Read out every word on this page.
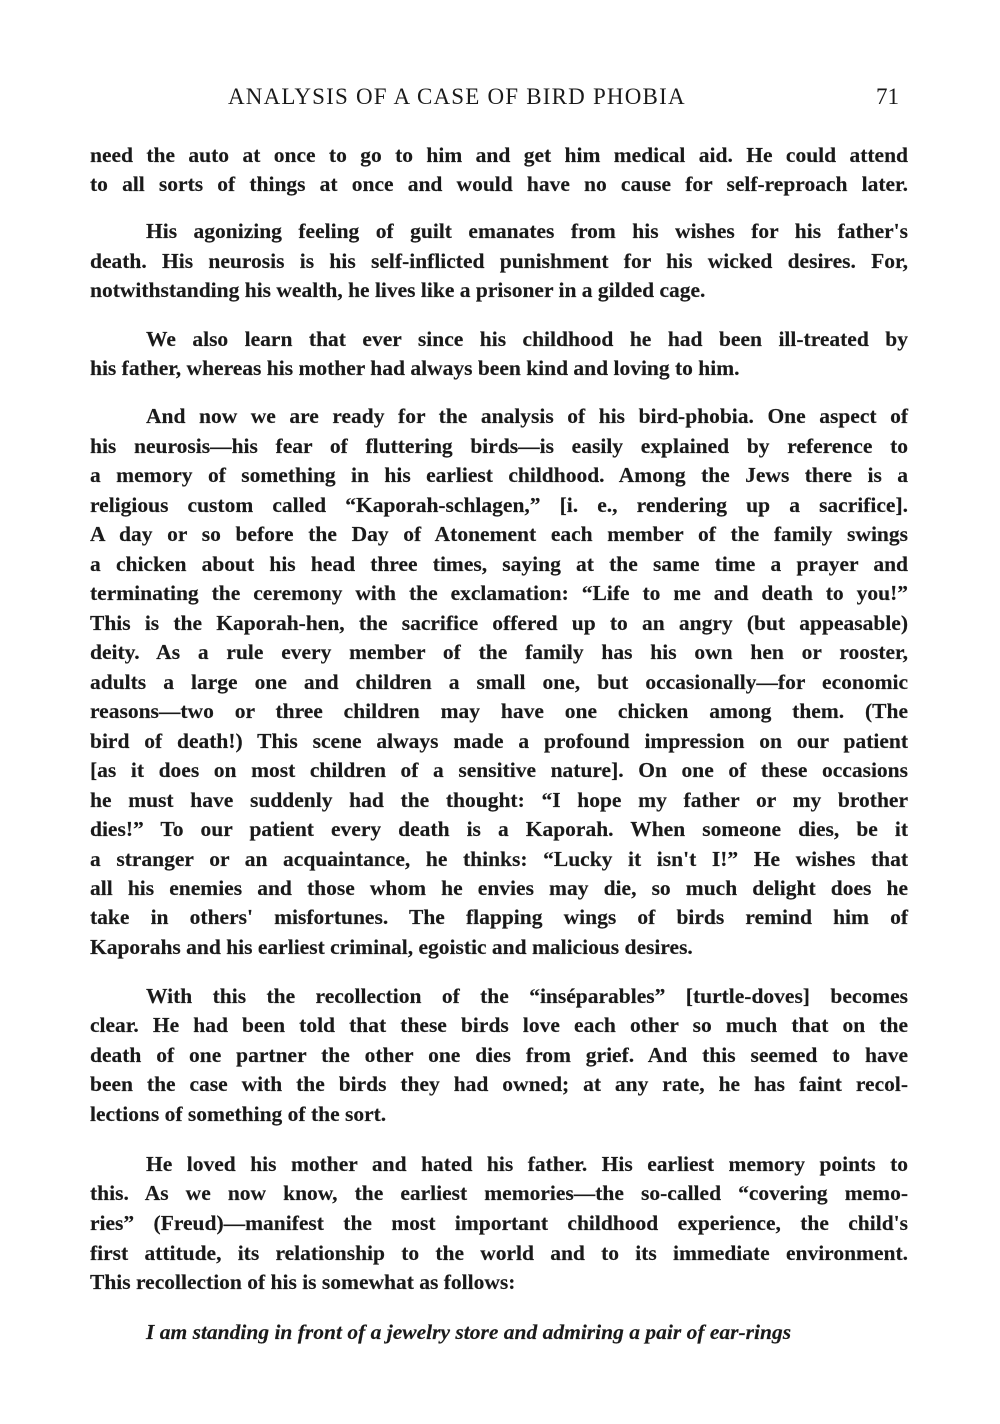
ANALYSIS OF A CASE OF BIRD PHOBIA	71
need the auto at once to go to him and get him medical aid. He could attend
to all sorts of things at once and would have no cause for self-reproach later.
His agonizing feeling of guilt emanates from his wishes for his father's
death. His neurosis is his self-inflicted punishment for his wicked desires. For,
notwithstanding his wealth, he lives like a prisoner in a gilded cage.
We also learn that ever since his childhood he had been ill-treated by
his father, whereas his mother had always been kind and loving to him.
And now we are ready for the analysis of his bird-phobia. One aspect of
his neurosis—his fear of fluttering birds—is easily explained by reference to
a memory of something in his earliest childhood. Among the Jews there is a
religious custom called “Kaporah-schlagen,” [i. e., rendering up a sacrifice].
A day or so before the Day of Atonement each member of the family swings
a chicken about his head three times, saying at the same time a prayer and
terminating the ceremony with the exclamation: “Life to me and death to you!”
This is the Kaporah-hen, the sacrifice offered up to an angry (but appeasable)
deity. As a rule every member of the family has his own hen or rooster,
adults a large one and children a small one, but occasionally—for economic
reasons—two or three children may have one chicken among them. (The
bird of death!) This scene always made a profound impression on our patient
[as it does on most children of a sensitive nature]. On one of these occasions
he must have suddenly had the thought: “I hope my father or my brother
dies!” To our patient every death is a Kaporah. When someone dies, be it
a stranger or an acquaintance, he thinks: “Lucky it isn't I!” He wishes that
all his enemies and those whom he envies may die, so much delight does he
take in others' misfortunes. The flapping wings of birds remind him of
Kaporahs and his earliest criminal, egoistic and malicious desires.
With this the recollection of the “inséparables” [turtle-doves] becomes
clear. He had been told that these birds love each other so much that on the
death of one partner the other one dies from grief. And this seemed to have
been the case with the birds they had owned; at any rate, he has faint recol-
lections of something of the sort.
He loved his mother and hated his father. His earliest memory points to
this. As we now know, the earliest memories—the so-called “covering memo-
ries” (Freud)—manifest the most important childhood experience, the child's
first attitude, its relationship to the world and to its immediate environment.
This recollection of his is somewhat as follows:
I am standing in front of a jewelry store and admiring a pair of ear-rings
